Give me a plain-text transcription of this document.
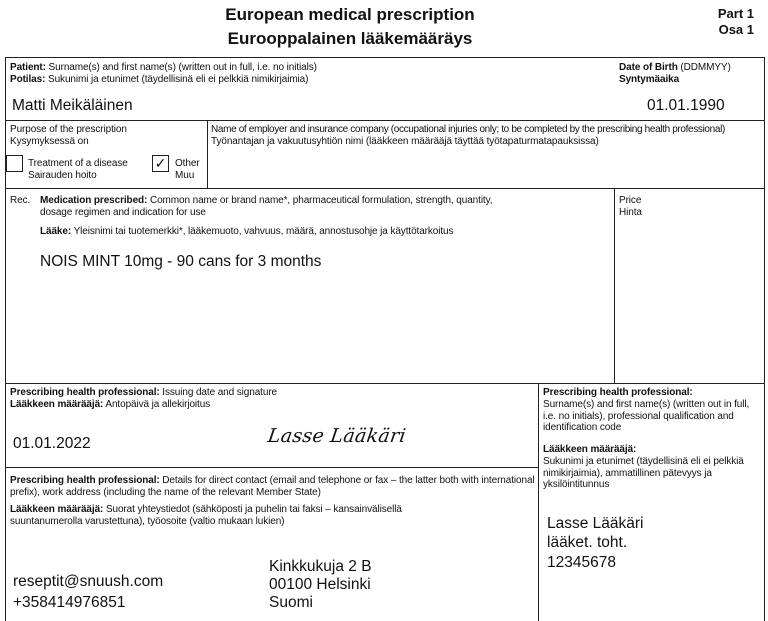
European medical prescription
Eurooppalainen lääkemääräys
Part 1
Osa 1
Patient: Surname(s) and first name(s) (written out in full, i.e. no initials)
Potilas: Sukunimi ja etunimet (täydellisinä eli ei pelkkiä nimikirjaimia)
Matti Meikäläinen
Date of Birth (DDMMYY)
Syntymäaika
01.01.1990
Purpose of the prescription
Kysymyksessä on
Treatment of a disease
Sairauden hoito
✓ Other
Muu
Name of employer and insurance company (occupational injuries only; to be completed by the prescribing health professional)
Työnantajan ja vakuutusyhtiön nimi (lääkkeen määrääjä täyttää työtapaturmatapauksissa)
Rec. Medication prescribed: Common name or brand name*, pharmaceutical formulation, strength, quantity,
dosage regimen and indication for use
Lääke: Yleisnimi tai tuotemerkki*, lääkemuoto, vahvuus, määrä, annostusohje ja käyttötarkoitus
NOIS MINT 10mg - 90 cans for 3 months
Price
Hinta
Prescribing health professional: Issuing date and signature
Lääkkeen määrääjä: Antopäivä ja allekirjoitus
01.01.2022	Lasse Lääkäri
Prescribing health professional: Details for direct contact (email and telephone or fax – the latter both with international prefix), work address (including the name of the relevant Member State)
Lääkkeen määrääjä: Suorat yhteystiedot (sähköposti ja puhelin tai faksi – kansainvälisellä suuntanumerolla varustettuna), työosoite (valtio mukaan lukien)
reseptit@snuush.com
+358414976851
Kinkkukuja 2 B
00100 Helsinki
Suomi
Prescribing health professional:
Surname(s) and first name(s) (written out in full, i.e. no initials), professional qualification and identification code
Lääkkeen määrääjä:
Sukunimi ja etunimet (täydellisinä eli ei pelkkiä nimikirjaimia), ammatillinen pätevyys ja yksilöintitunnus
Lasse Lääkäri
lääket. toht.
12345678
